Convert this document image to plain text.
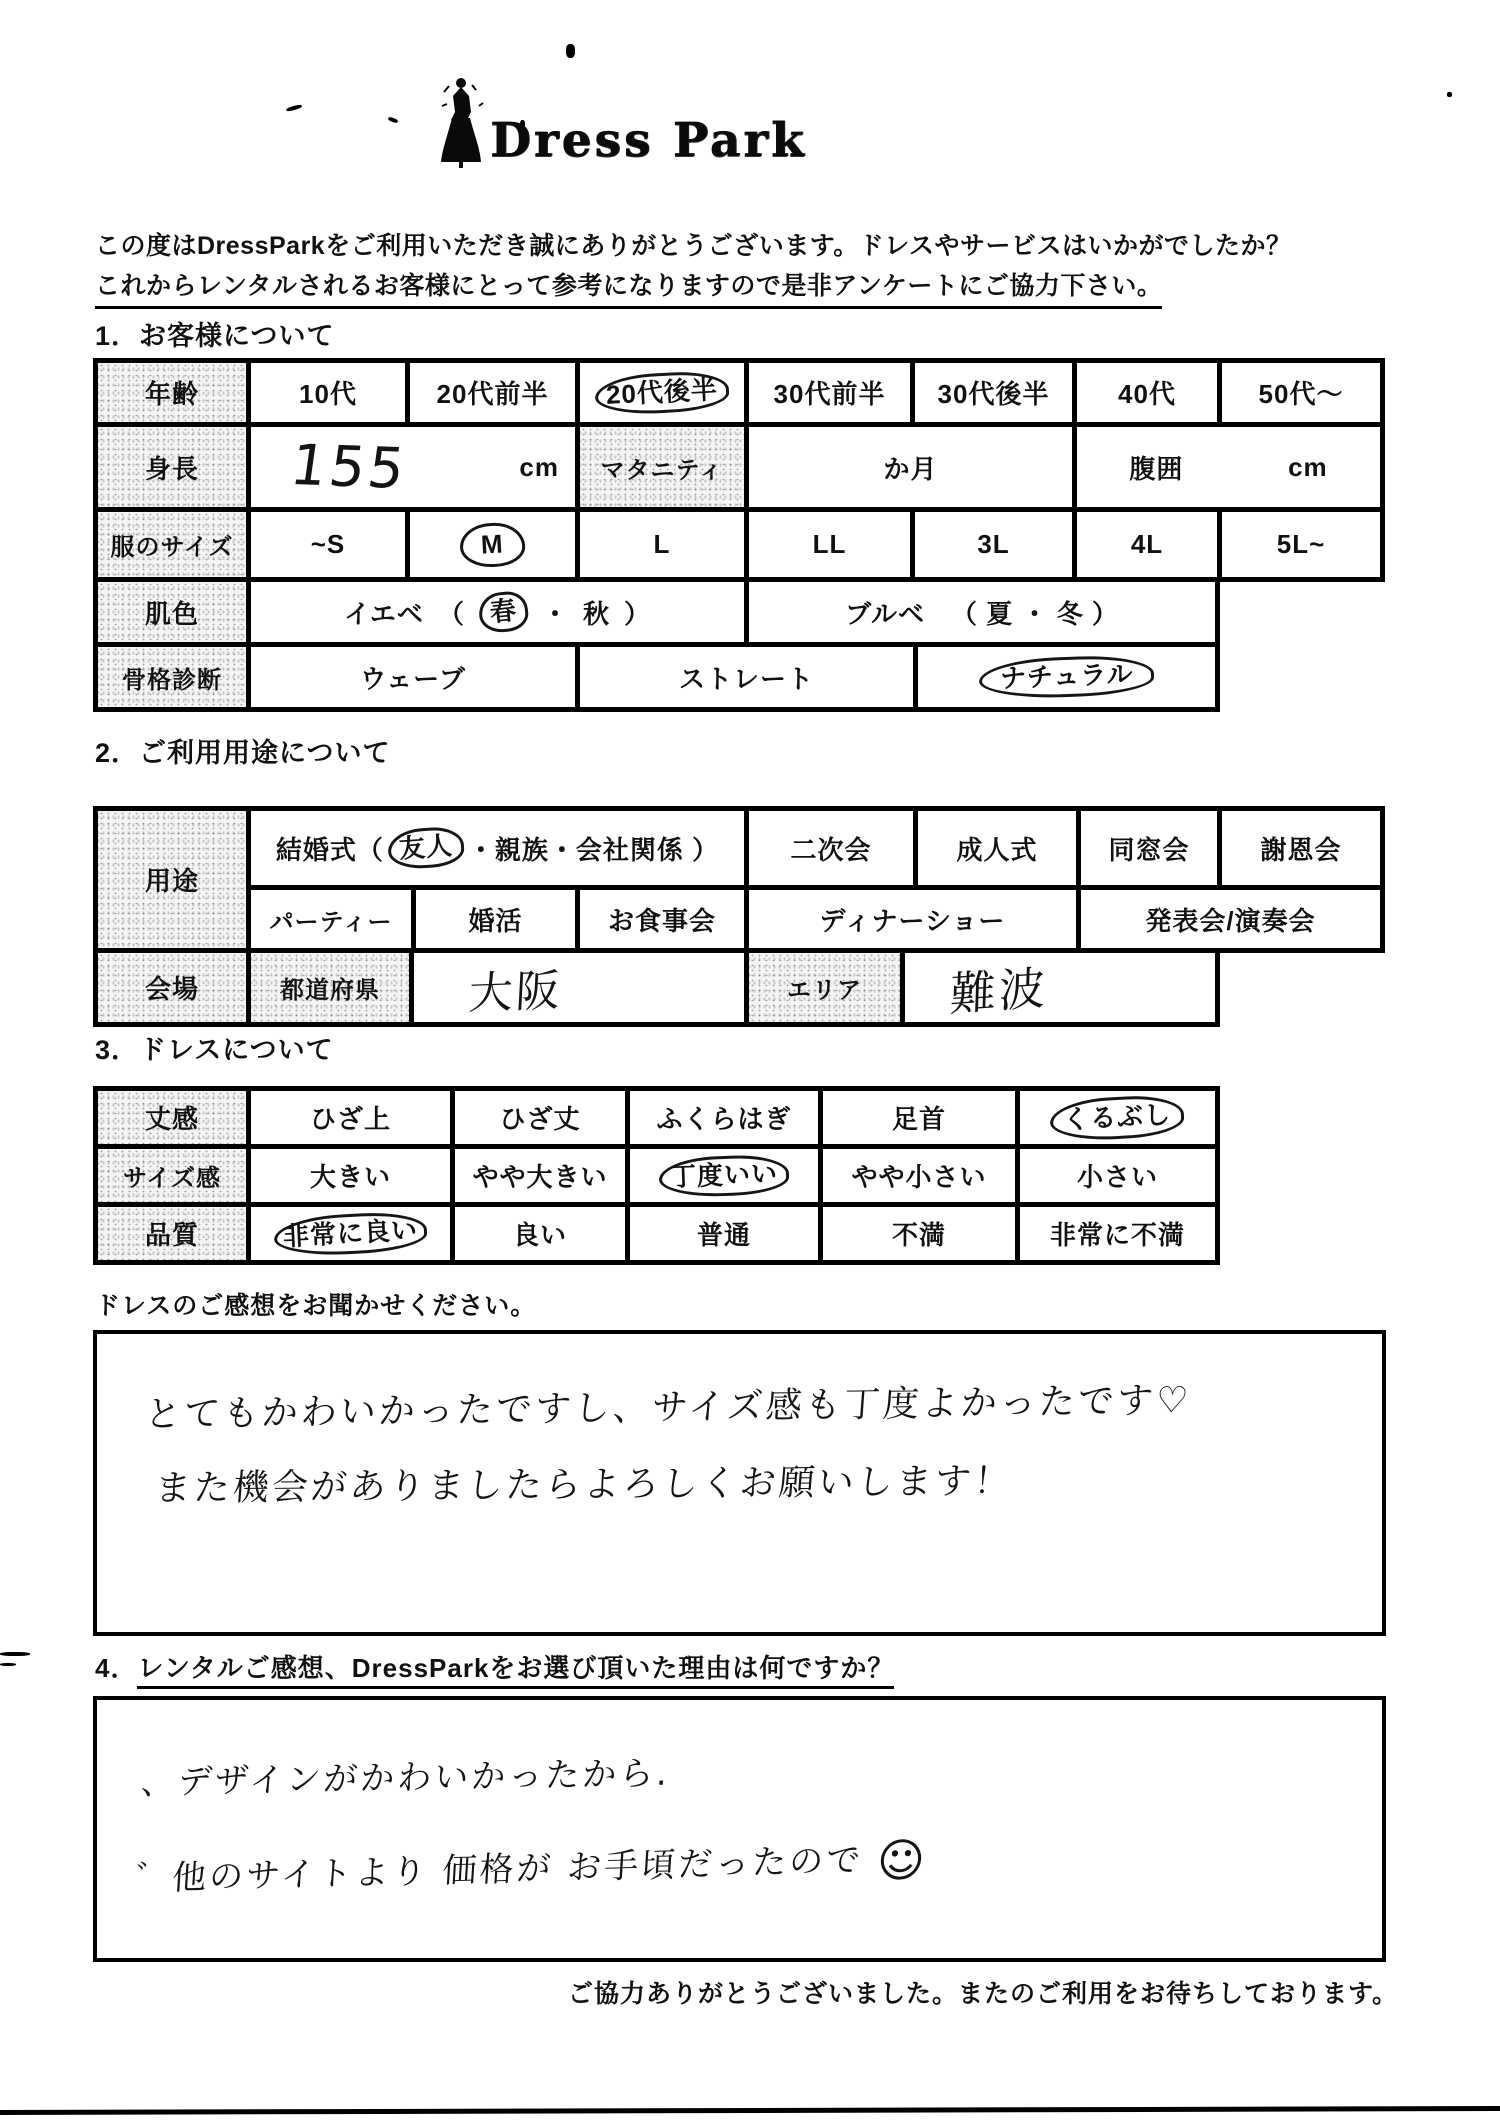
Dress Park
この度はDressParkをご利用いただき誠にありがとうございます。ドレスやサービスはいかがでしたか？
これからレンタルされるお客様にとって参考になりますので是非アンケートにご協力下さい。
1．お客様について
年齢	10代	20代前半	20代後半	30代前半 30代後半	40代	50代～
身長 155	cm マタニティ	か月	腹囲	cm
服のサイズ	~S	M	L	LL	3L	4L	5L~
肌色	イエベ （ 春 ・ 秋 ）	ブルベ （ 夏 ・ 冬 ）
骨格診断	ウェーブ	ストレート	ナチュラル
2．ご利用用途について
用途
結婚式（ 友人 ・親族・会社関係 ）	二次会	成人式	同窓会	謝恩会
パーティー	婚活	お食事会	ディナーショー	発表会/演奏会
会場	都道府県 大阪	エリア 難波
3．ドレスについて
丈感	ひざ上	ひざ丈	ふくらはぎ	足首	くるぶし
サイズ感	大きい	やや大きい	丁度いい	やや小さい	小さい
品質	非常に良い	良い	普通	不満	非常に不満
ドレスのご感想をお聞かせください。
とてもかわいかったですし、サイズ感も丁度よかったです♡
また機会がありましたらよろしくお願いします！
4．レンタルご感想、DressParkをお選び頂いた理由は何ですか？
、デザインがかわいかったから.
゛他のサイトより 価格が お手頃だったので ☺
ご協力ありがとうございました。またのご利用をお待ちしております。
